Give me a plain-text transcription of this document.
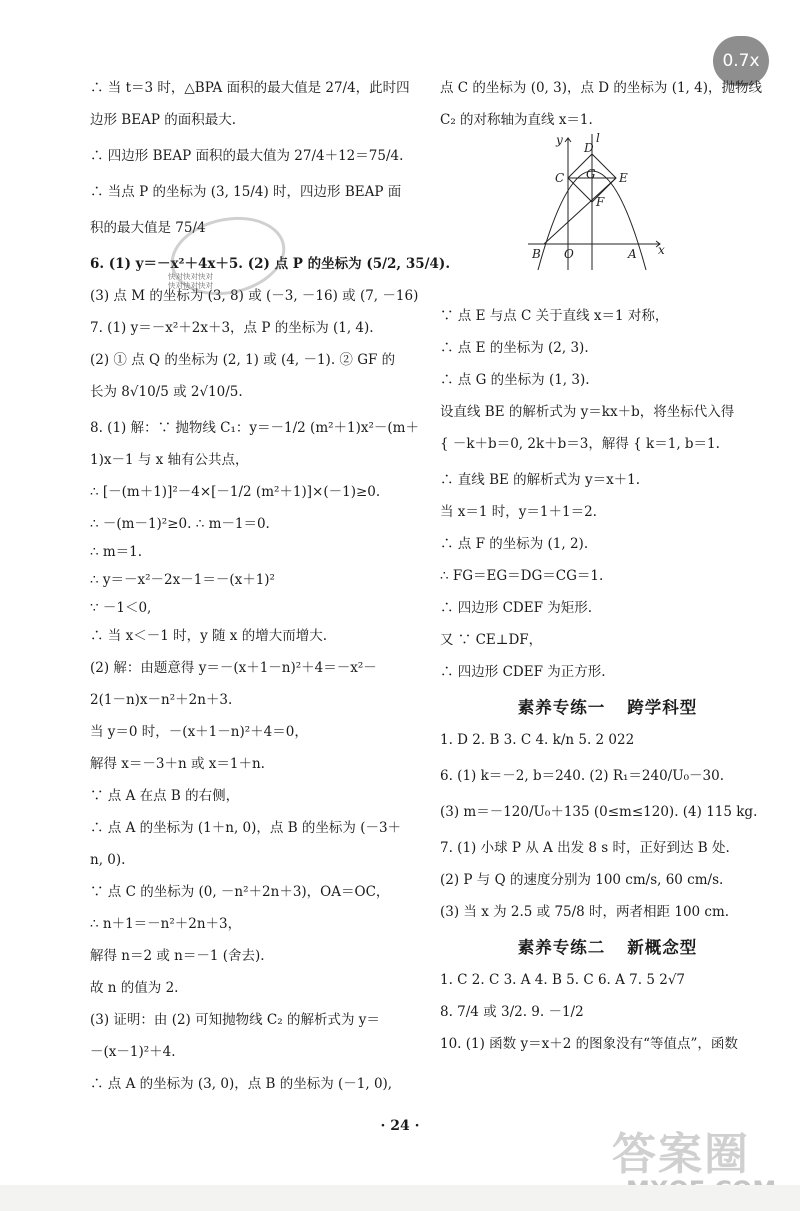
0.7x

∴ 当 t＝3 时，△BPA 面积的最大值是 27/4，此时四

边形 BEAP 的面积最大.

∴ 四边形 BEAP 面积的最大值为 27/4＋12＝75/4.

∴ 当点 P 的坐标为 (3, 15/4) 时，四边形 BEAP 面

积的最大值是 75/4

6. (1) y＝－x²＋4x＋5. (2) 点 P 的坐标为 (5/2, 35/4).

(3) 点 M 的坐标为 (3, 8) 或 (－3, －16) 或 (7, －16)

7. (1) y＝－x²＋2x＋3，点 P 的坐标为 (1, 4).

(2) ① 点 Q 的坐标为 (2, 1) 或 (4, －1). ② GF 的

长为 8√10/5 或 2√10/5.

8. (1) 解：∵ 抛物线 C₁：y＝－1/2 (m²＋1)x²－(m＋

1)x－1 与 x 轴有公共点，

∴ [－(m＋1)]²－4×[－1/2 (m²＋1)]×(－1)≥0.

∴ －(m－1)²≥0. ∴ m－1＝0.

∴ m＝1.

∴ y＝－x²－2x－1＝－(x＋1)²

∵ －1＜0,

∴ 当 x＜－1 时，y 随 x 的增大而增大.

(2) 解：由题意得 y＝－(x＋1－n)²＋4＝－x²－

2(1－n)x－n²＋2n＋3.

当 y＝0 时，－(x＋1－n)²＋4＝0，

解得 x＝－3＋n 或 x＝1＋n.

∵ 点 A 在点 B 的右侧，

∴ 点 A 的坐标为 (1＋n, 0)，点 B 的坐标为 (－3＋

n, 0).

∵ 点 C 的坐标为 (0, －n²＋2n＋3)，OA＝OC，

∴ n＋1＝－n²＋2n＋3，

解得 n＝2 或 n＝－1 (舍去).

故 n 的值为 2.

(3) 证明：由 (2) 可知抛物线 C₂ 的解析式为 y＝

－(x－1)²＋4.

∴ 点 A 的坐标为 (3, 0)，点 B 的坐标为 (－1, 0),

快对快对快对
快对快对快对

点 C 的坐标为 (0, 3)，点 D 的坐标为 (1, 4)，抛物线

C₂ 的对称轴为直线 x＝1.

∵ 点 E 与点 C 关于直线 x＝1 对称，

∴ 点 E 的坐标为 (2, 3).

∴ 点 G 的坐标为 (1, 3).

设直线 BE 的解析式为 y＝kx＋b，将坐标代入得

{ －k＋b＝0, 2k＋b＝3，解得 { k＝1, b＝1.

∴ 直线 BE 的解析式为 y＝x＋1.

当 x＝1 时，y＝1＋1＝2.

∴ 点 F 的坐标为 (1, 2).

∴ FG＝EG＝DG＝CG＝1.

∴ 四边形 CDEF 为矩形.

又 ∵ CE⊥DF，

∴ 四边形 CDEF 为正方形.

素养专练一 跨学科型

1. D 2. B 3. C 4. k/n 5. 2 022

6. (1) k＝－2, b＝240. (2) R₁＝240/U₀－30.

(3) m＝－120/U₀＋135 (0≤m≤120). (4) 115 kg.

7. (1) 小球 P 从 A 出发 8 s 时，正好到达 B 处.

(2) P 与 Q 的速度分别为 100 cm/s, 60 cm/s.

(3) 当 x 为 2.5 或 75/8 时，两者相距 100 cm.

素养专练二 新概念型

1. C 2. C 3. A 4. B 5. C 6. A 7. 5 2√7

8. 7/4 或 3/2. 9. －1/2

10. (1) 函数 y＝x＋2 的图象没有“等值点”，函数

y	l
D
C G E
F
B O	A x
· 24 ·
答案圈
